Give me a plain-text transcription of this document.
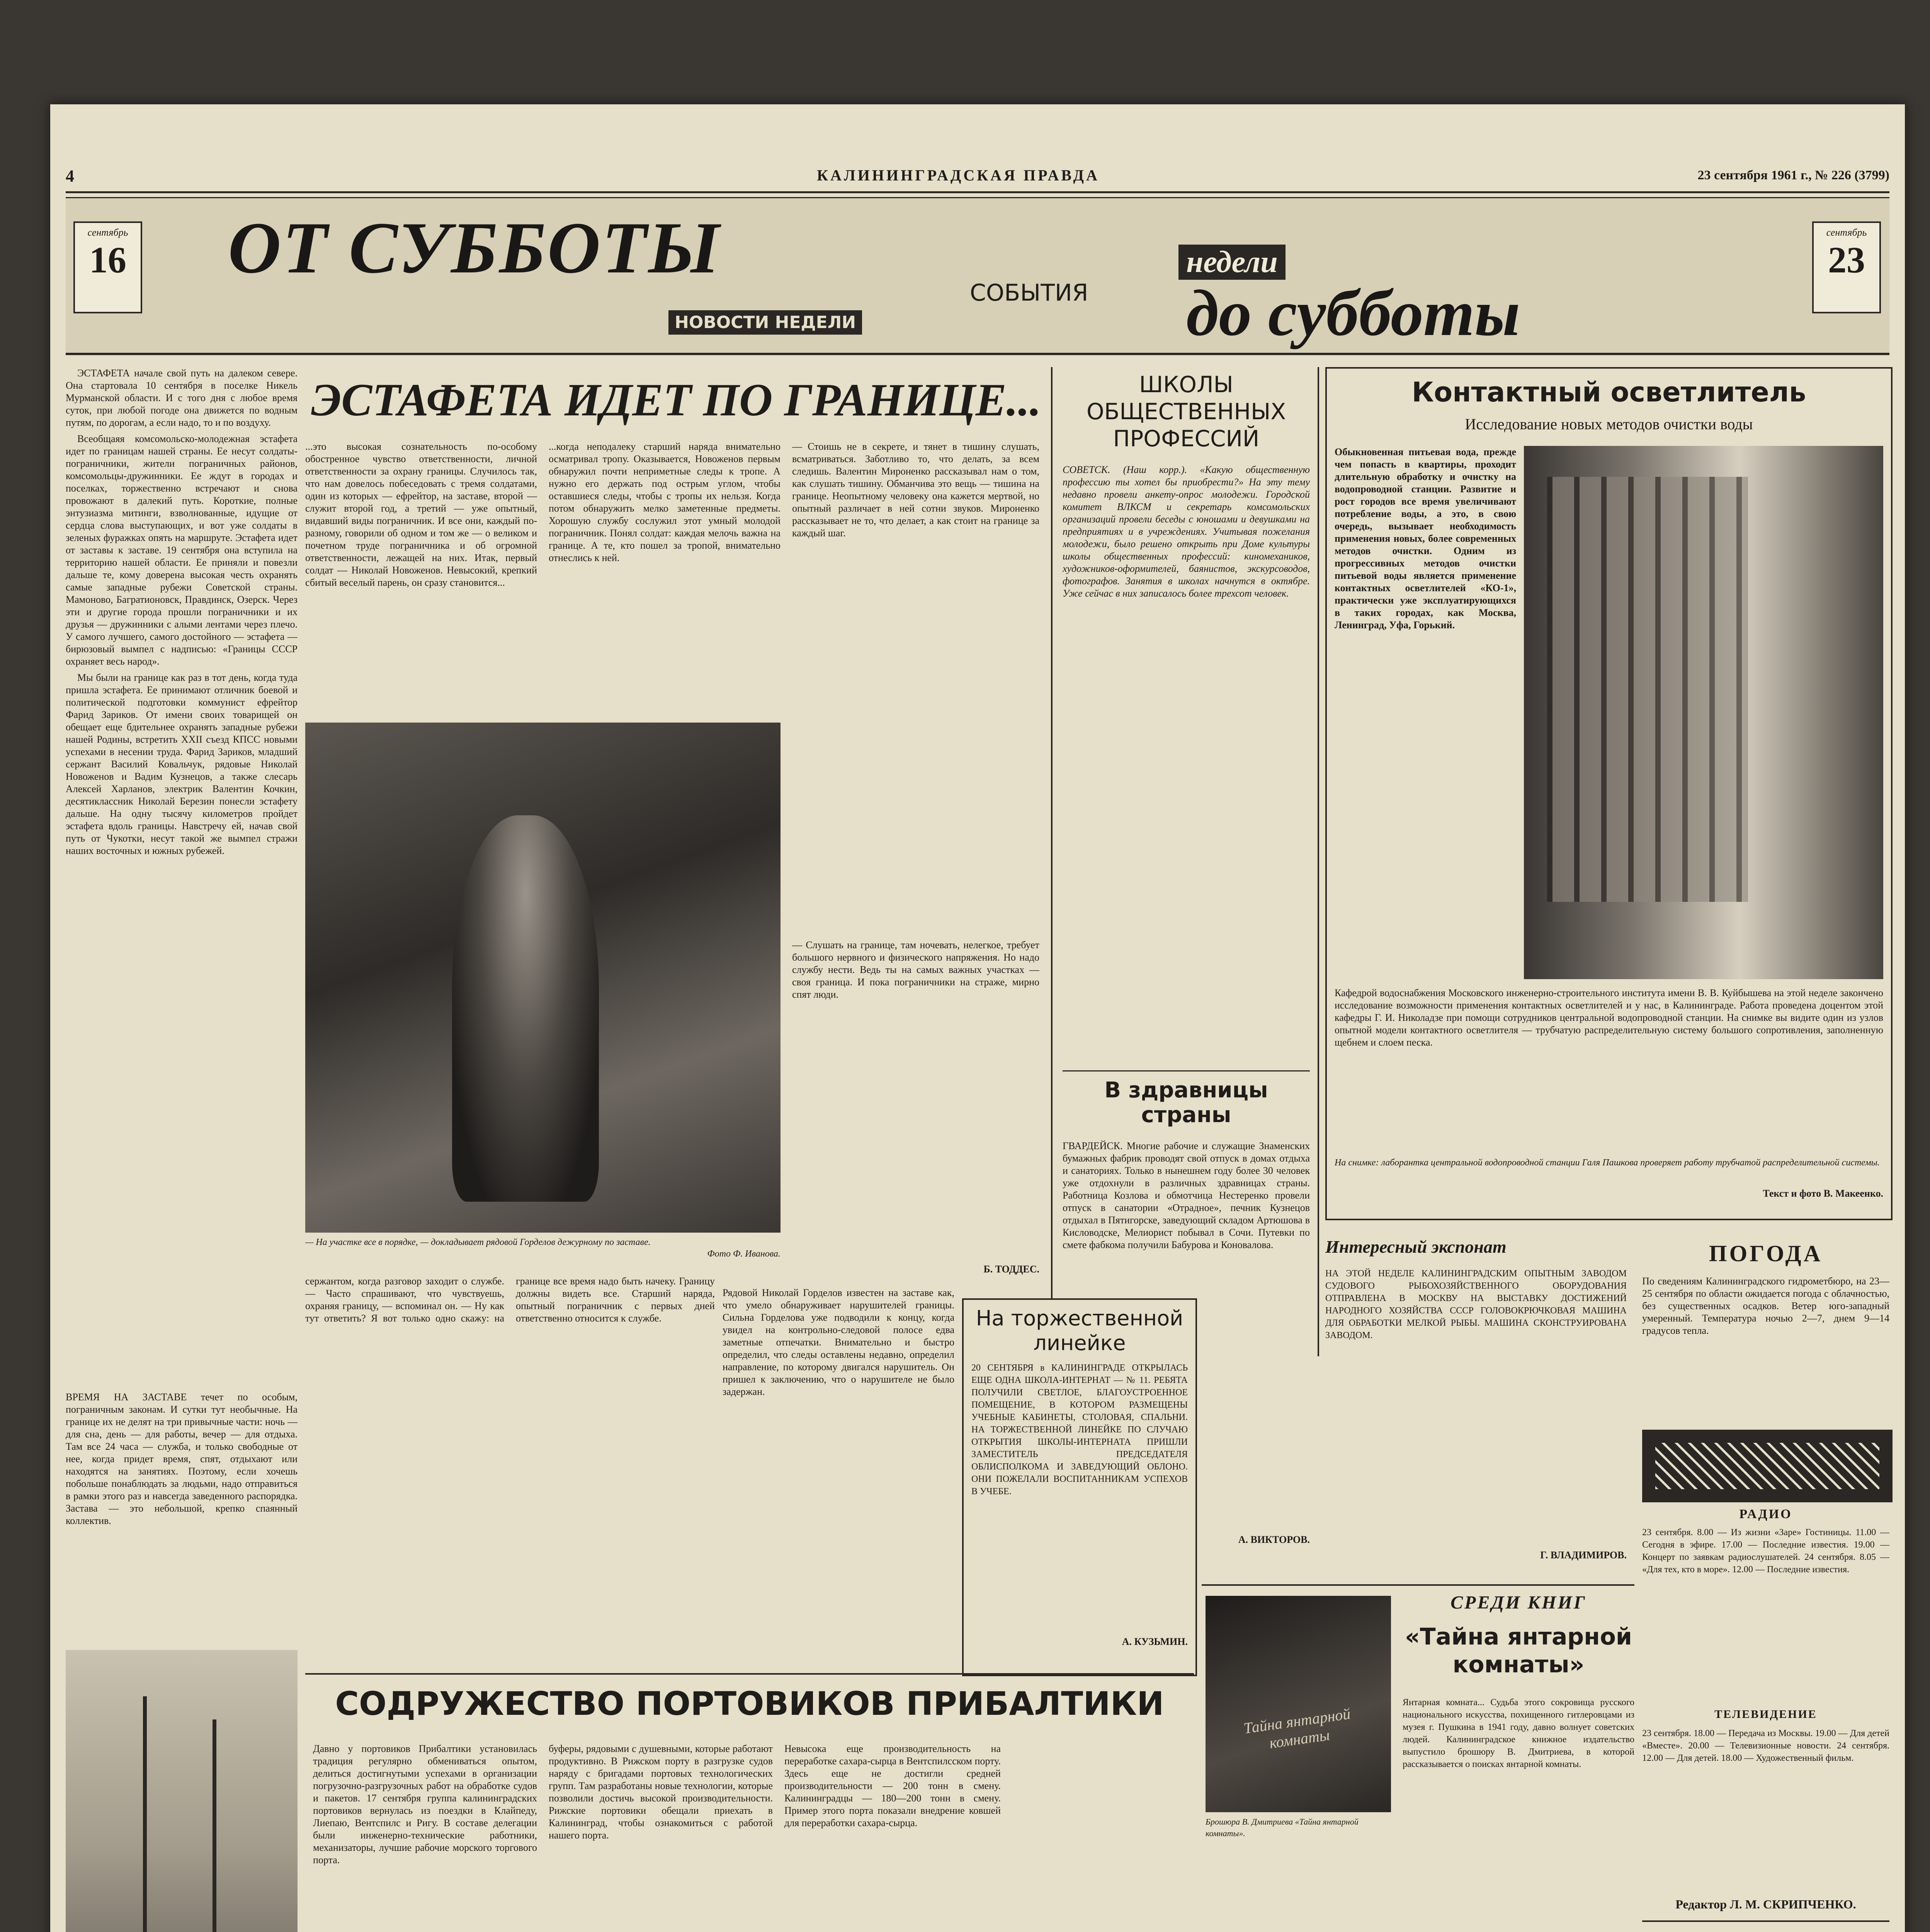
4	КАЛИНИНГРАДСКАЯ ПРАВДА	23 сентября 1961 г., № 226 (3799)
сентябрь
16 ОТ СУББОТЫ
НОВОСТИ НЕДЕЛИ
СОБЫТИЯ
недели
до субботы
сентябрь
23

ЭСТАФЕТА начале свой путь на далеком севере. Она стартовала 10 сентября в поселке Никель Мурманской области. И с того дня с любое время суток, при любой погоде она движется по водным путям, по дорогам, а если надо, то и по воздуху.

Всеобщаяя комсомольско-молодежная эстафета идет по границам нашей страны. Ее несут солдаты-пограничники, жители пограничных районов, комсомольцы-дружинники. Ее ждут в городах и поселках, торжественно встречают и снова провожают в далекий путь. Короткие, полные энтузиазма митинги, взволнованные, идущие от сердца слова выступающих, и вот уже солдаты в зеленых фуражках опять на маршруте. Эстафета идет от заставы к заставе. 19 сентября она вступила на территорию нашей области. Ее приняли и повезли дальше те, кому доверена высокая честь охранять самые западные рубежи Советской страны. Мамоново, Багратионовск, Правдинск, Озерск. Через эти и другие города прошли пограничники и их друзья — дружинники с алыми лентами через плечо. У самого лучшего, самого достойного — эстафета — бирюзовый вымпел с надписью: «Границы СССР охраняет весь народ».

Мы были на границе как раз в тот день, когда туда пришла эстафета. Ее принимают отличник боевой и политической подготовки коммунист ефрейтор Фарид Зариков. От имени своих товарищей он обещает еще бдительнее охранять западные рубежи нашей Родины, встретить XXII съезд КПСС новыми успехами в несении труда. Фарид Зариков, младший сержант Василий Ковальчук, рядовые Николай Новоженов и Вадим Кузнецов, а также слесарь Алексей Харланов, электрик Валентин Кочкин, десятиклассник Николай Березин понесли эстафету дальше. На одну тысячу километров пройдет эстафета вдоль границы. Навстречу ей, начав свой путь от Чукотки, несут такой же вымпел стражи наших восточных и южных рубежей.

ЭСТАФЕТА ИДЕТ ПО ГРАНИЦЕ...
...это высокая сознательность по-особому обостренное чувство ответственности, личной ответственности за охрану границы. Случилось так, что нам довелось побеседовать с тремя солдатами, один из которых — ефрейтор, на заставе, второй — служит второй год, а третий — уже опытный, видавший виды пограничник. И все они, каждый по-разному, говорили об одном и том же — о великом и почетном труде пограничника и об огромной ответственности, лежащей на них. Итак, первый солдат — Николай Новоженов. Невысокий, крепкий сбитый веселый парень, он сразу становится...
...когда неподалеку старший наряда внимательно осматривал тропу. Оказывается, Новоженов первым обнаружил почти неприметные следы к тропе. А нужно его держать под острым углом, чтобы оставшиеся следы, чтобы с тропы их нельзя. Когда потом обнаружить мелко заметенные предметы. Хорошую службу сослужил этот умный молодой пограничник. Понял солдат: каждая мелочь важна на границе. А те, кто пошел за тропой, внимательно отнеслись к ней.
— Стоишь не в секрете, и тянет в тишину слушать, всматриваться. Заботливо то, что делать, за всем следишь. Валентин Мироненко рассказывал нам о том, как слушать тишину. Обманчива это вещь — тишина на границе. Неопытному человеку она кажется мертвой, но опытный различает в ней сотни звуков. Мироненко рассказывает не то, что делает, а как стоит на границе за каждый шаг.
— Слушать на границе, там ночевать, нелегкое, требует большого нервного и физического напряжения. Но надо службу нести. Ведь ты на самых важных участках — своя граница. И пока пограничники на страже, мирно спят люди.
Б. ТОДДЕС.
— На участке все в порядке, — докладывает рядовой Горделов дежурному по заставе.
Фото Ф. Иванова.
ВРЕМЯ НА ЗАСТАВЕ течет по особым, пограничным законам. И сутки тут необычные. На границе их не делят на три привычные части: ночь — для сна, день — для работы, вечер — для отдыха. Там все 24 часа — служба, и только свободные от нее, когда придет время, спят, отдыхают или находятся на занятиях. Поэтому, если хочешь побольше понаблюдать за людьми, надо отправиться в рамки этого раз и навсегда заведенного распорядка. Застава — это небольшой, крепко спаянный коллектив.
сержантом, когда разговор заходит о службе. — Часто спрашивают, что чувствуешь, охраняя границу, — вспоминал он. — Ну как тут ответить? Я вот только одно скажу: на границе все время надо быть начеку. Границу должны видеть все. Старший наряда, опытный пограничник с первых дней ответственно относится к службе.
Рядовой Николай Горделов известен на заставе как, что умело обнаруживает нарушителей границы. Сильна Горделова уже подводили к концу, когда увидел на контрольно-следовой полосе едва заметные отпечатки. Внимательно и быстро определил, что следы оставлены недавно, определил направление, по которому двигался нарушитель. Он пришел к заключению, что о нарушителе не было задержан.
ШКОЛЫ ОБЩЕСТВЕННЫХ ПРОФЕССИЙ
СОВЕТСК. (Наш корр.). «Какую общественную профессию ты хотел бы приобрести?» На эту тему недавно провели анкету-опрос молодежи. Городской комитет ВЛКСМ и секретарь комсомольских организаций провели беседы с юношами и девушками на предприятиях и в учреждениях. Учитывая пожелания молодежи, было решено открыть при Доме культуры школы общественных профессий: киномехаников, художников-оформителей, баянистов, экскурсоводов, фотографов. Занятия в школах начнутся в октябре. Уже сейчас в них записалось более трехсот человек.
В здравницы страны
ГВАРДЕЙСК. Многие рабочие и служащие Знаменских бумажных фабрик проводят свой отпуск в домах отдыха и санаториях. Только в нынешнем году более 30 человек уже отдохнули в различных здравницах страны. Работница Козлова и обмотчица Нестеренко провели отпуск в санатории «Отрадное», печник Кузнецов отдыхал в Пятигорске, заведующий складом Артюшова в Кисловодске, Мелиорист побывал в Сочи. Путевки по смете фабкома получили Бабурова и Коновалова.
А. ВИКТОРОВ.
На торжественной линейке
20 СЕНТЯБРЯ в КАЛИНИНГРАДЕ ОТКРЫЛАСЬ ЕЩЕ ОДНА ШКОЛА-ИНТЕРНАТ — № 11. РЕБЯТА ПОЛУЧИЛИ СВЕТЛОЕ, БЛАГОУСТРОЕННОЕ ПОМЕЩЕНИЕ, В КОТОРОМ РАЗМЕЩЕНЫ УЧЕБНЫЕ КАБИНЕТЫ, СТОЛОВАЯ, СПАЛЬНИ. НА ТОРЖЕСТВЕННОЙ ЛИНЕЙКЕ ПО СЛУЧАЮ ОТКРЫТИЯ ШКОЛЫ-ИНТЕРНАТА ПРИШЛИ ЗАМЕСТИТЕЛЬ ПРЕДСЕДАТЕЛЯ ОБЛИСПОЛКОМА И ЗАВЕДУЮЩИЙ ОБЛОНО. ОНИ ПОЖЕЛАЛИ ВОСПИТАННИКАМ УСПЕХОВ В УЧЕБЕ.
А. КУЗЬМИН.
Контактный осветлитель
Исследование новых методов очистки воды
Обыкновенная питьевая вода, прежде чем попасть в квартиры, проходит длительную обработку и очистку на водопроводной станции. Развитие и рост городов все время увеличивают потребление воды, а это, в свою очередь, вызывает необходимость применения новых, более современных методов очистки. Одним из прогрессивных методов очистки питьевой воды является применение контактных осветлителей «КО-1», практически уже эксплуатирующихся в таких городах, как Москва, Ленинград, Уфа, Горький.
Кафедрой водоснабжения Московского инженерно-строительного института имени В. В. Куйбышева на этой неделе закончено исследование возможности применения контактных осветлителей и у нас, в Калининграде. Работа проведена доцентом этой кафедры Г. И. Николадзе при помощи сотрудников центральной водопроводной станции. На снимке вы видите один из узлов опытной модели контактного осветлителя — трубчатую распределительную систему большого сопротивления, заполненную щебнем и слоем песка.
На снимке: лаборантка центральной водопроводной станции Галя Пашкова проверяет работу трубчатой распределительной системы.
Текст и фото В. Макеенко.
Интересный экспонат
НА ЭТОЙ НЕДЕЛЕ КАЛИНИНГРАДСКИМ ОПЫТНЫМ ЗАВОДОМ СУДОВОГО РЫБОХОЗЯЙСТВЕННОГО ОБОРУДОВАНИЯ ОТПРАВЛЕНА В МОСКВУ НА ВЫСТАВКУ ДОСТИЖЕНИЙ НАРОДНОГО ХОЗЯЙСТВА СССР ГОЛОВОКРЮЧКОВАЯ МАШИНА ДЛЯ ОБРАБОТКИ МЕЛКОЙ РЫБЫ. МАШИНА СКОНСТРУИРОВАНА ЗАВОДОМ.
Г. ВЛАДИМИРОВ.
ПОГОДА
По сведениям Калининградского гидрометбюро, на 23—25 сентября по области ожидается погода с облачностью, без существенных осадков. Ветер юго-западный умеренный. Температура ночью 2—7, днем 9—14 градусов тепла.
РАДИО
23 сентября. 8.00 — Из жизни «Заре» Гостиницы. 11.00 — Сегодня в эфире. 17.00 — Последние известия. 19.00 — Концерт по заявкам радиослушателей. 24 сентября. 8.05 — «Для тех, кто в море». 12.00 — Последние известия.
ТЕЛЕВИДЕНИЕ
23 сентября. 18.00 — Передача из Москвы. 19.00 — Для детей «Вместе». 20.00 — Телевизионные новости. 24 сентября. 12.00 — Для детей. 18.00 — Художественный фильм.
Редактор Л. М. СКРИПЧЕНКО.
СРЕДИ КНИГ
«Тайна янтарной комнаты»
Тайна янтарной комнаты
Брошюра В. Дмитриева «Тайна янтарной комнаты».
Янтарная комната... Судьба этого сокровища русского национального искусства, похищенного гитлеровцами из музея г. Пушкина в 1941 году, давно волнует советских людей. Калининградское книжное издательство выпустило брошюру В. Дмитриева, в которой рассказывается о поисках янтарной комнаты.
СОДРУЖЕСТВО ПОРТОВИКОВ ПРИБАЛТИКИ
Давно у портовиков Прибалтики установилась традиция регулярно обмениваться опытом, делиться достигнутыми успехами в организации погрузочно-разгрузочных работ на обработке судов и пакетов. 17 сентября группа калининградских портовиков вернулась из поездки в Клайпеду, Лиепаю, Вентспилс и Ригу. В составе делегации были инженерно-технические работники, механизаторы, лучшие рабочие морского торгового порта.
буферы, рядовыми с душевными, которые работают продуктивно. В Рижском порту в разгрузке судов наряду с бригадами портовых технологических групп. Там разработаны новые технологии, которые позволили достичь высокой производительности. Рижские портовики обещали приехать в Калининград, чтобы ознакомиться с работой нашего порта.
Невысока еще производительность на переработке сахара-сырца в Вентспилсском порту. Здесь еще не достигли средней производительности — 200 тонн в смену. Калининградцы — 180—200 тонн в смену. Пример этого порта показали внедрение ковшей для переработки сахара-сырца.
